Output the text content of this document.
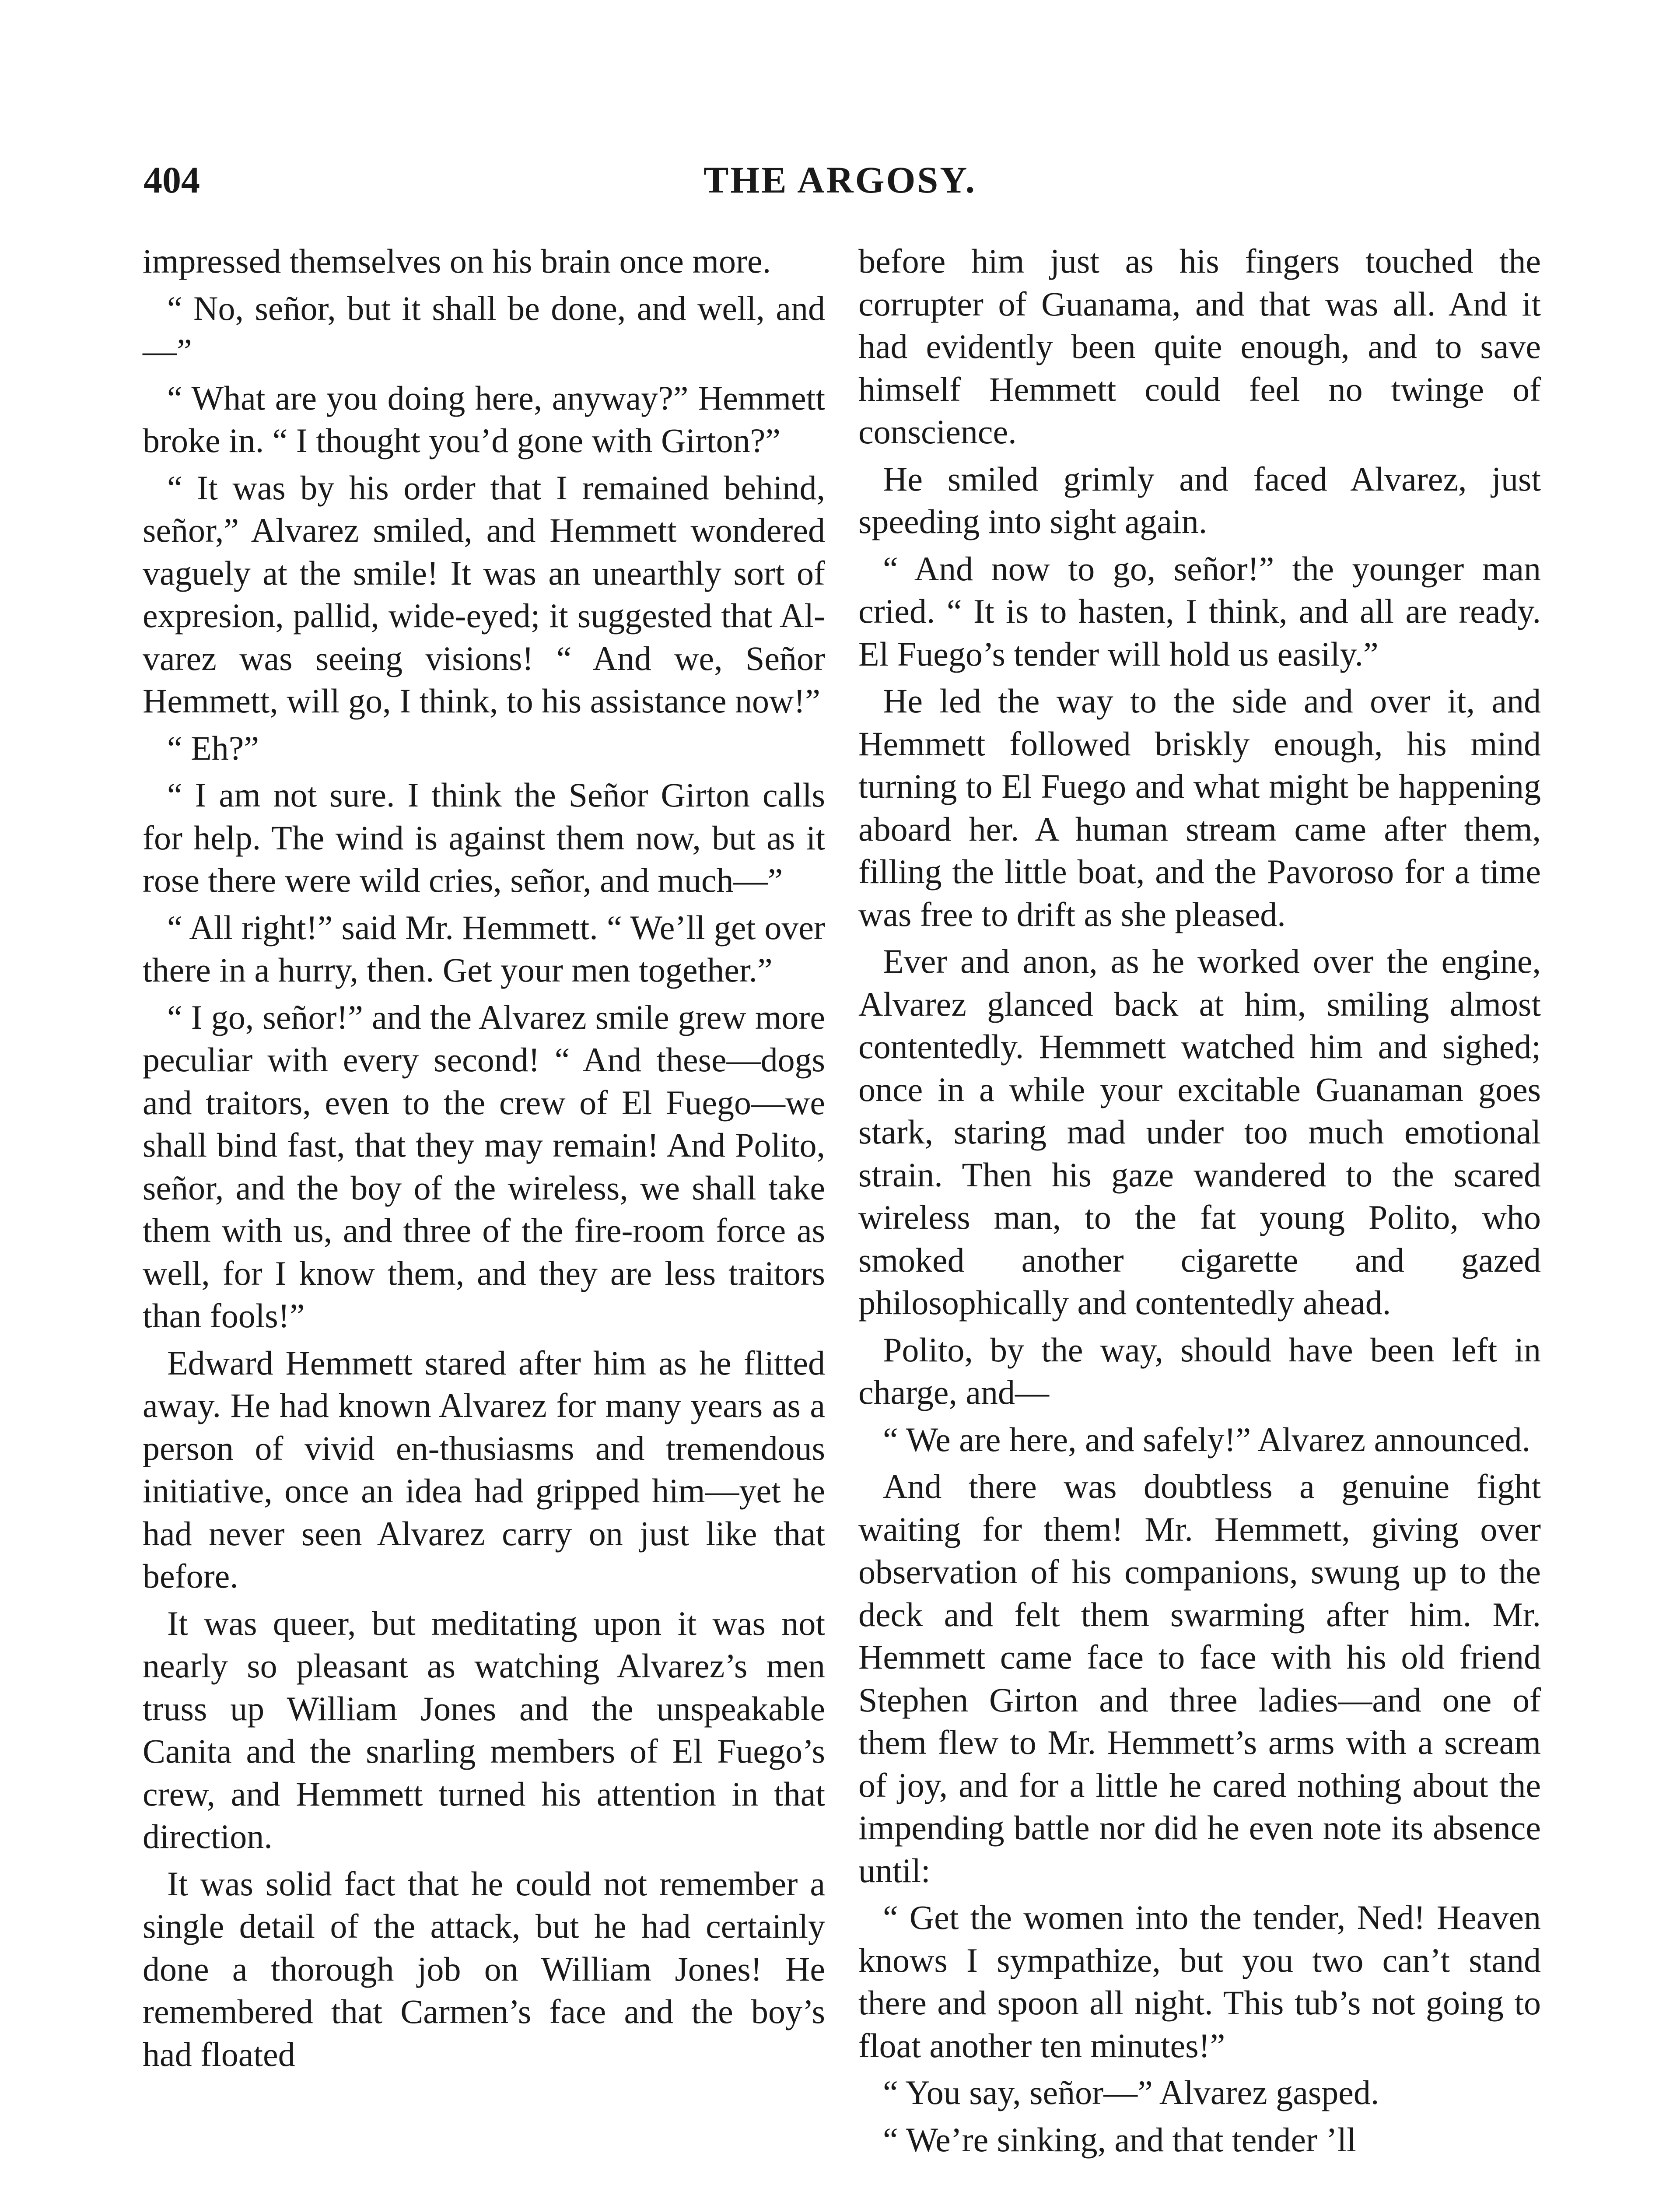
404	THE ARGOSY.

impressed themselves on his brain once more.

“ No, señor, but it shall be done, and well, and—”

“ What are you doing here, anyway?” Hemmett broke in. “ I thought you’d gone with Girton?”

“ It was by his order that I remained behind, señor,” Alvarez smiled, and Hemmett wondered vaguely at the smile! It was an unearthly sort of expresion, pallid, wide-eyed; it suggested that Al-varez was seeing visions! “ And we, Señor Hemmett, will go, I think, to his assistance now!”

“ Eh?”

“ I am not sure. I think the Señor Girton calls for help. The wind is against them now, but as it rose there were wild cries, señor, and much—”

“ All right!” said Mr. Hemmett. “ We’ll get over there in a hurry, then. Get your men together.”

“ I go, señor!” and the Alvarez smile grew more peculiar with every second! “ And these—dogs and traitors, even to the crew of El Fuego—we shall bind fast, that they may remain! And Polito, señor, and the boy of the wireless, we shall take them with us, and three of the fire-room force as well, for I know them, and they are less traitors than fools!”

Edward Hemmett stared after him as he flitted away. He had known Alvarez for many years as a person of vivid en-thusiasms and tremendous initiative, once an idea had gripped him—yet he had never seen Alvarez carry on just like that before.

It was queer, but meditating upon it was not nearly so pleasant as watching Alvarez’s men truss up William Jones and the unspeakable Canita and the snarling members of El Fuego’s crew, and Hemmett turned his attention in that direction.

It was solid fact that he could not remember a single detail of the attack, but he had certainly done a thorough job on William Jones! He remembered that Carmen’s face and the boy’s had floated

before him just as his fingers touched the corrupter of Guanama, and that was all. And it had evidently been quite enough, and to save himself Hemmett could feel no twinge of conscience.

He smiled grimly and faced Alvarez, just speeding into sight again.

“ And now to go, señor!” the younger man cried. “ It is to hasten, I think, and all are ready. El Fuego’s tender will hold us easily.”

He led the way to the side and over it, and Hemmett followed briskly enough, his mind turning to El Fuego and what might be happening aboard her. A human stream came after them, filling the little boat, and the Pavoroso for a time was free to drift as she pleased.

Ever and anon, as he worked over the engine, Alvarez glanced back at him, smiling almost contentedly. Hemmett watched him and sighed; once in a while your excitable Guanaman goes stark, staring mad under too much emotional strain. Then his gaze wandered to the scared wireless man, to the fat young Polito, who smoked another cigarette and gazed philosophically and contentedly ahead.

Polito, by the way, should have been left in charge, and—

“ We are here, and safely!” Alvarez announced.

And there was doubtless a genuine fight waiting for them! Mr. Hemmett, giving over observation of his companions, swung up to the deck and felt them swarming after him. Mr. Hemmett came face to face with his old friend Stephen Girton and three ladies—and one of them flew to Mr. Hemmett’s arms with a scream of joy, and for a little he cared nothing about the impending battle nor did he even note its absence until:

“ Get the women into the tender, Ned! Heaven knows I sympathize, but you two can’t stand there and spoon all night. This tub’s not going to float another ten minutes!”

“ You say, señor—” Alvarez gasped.

“ We’re sinking, and that tender ’ll
